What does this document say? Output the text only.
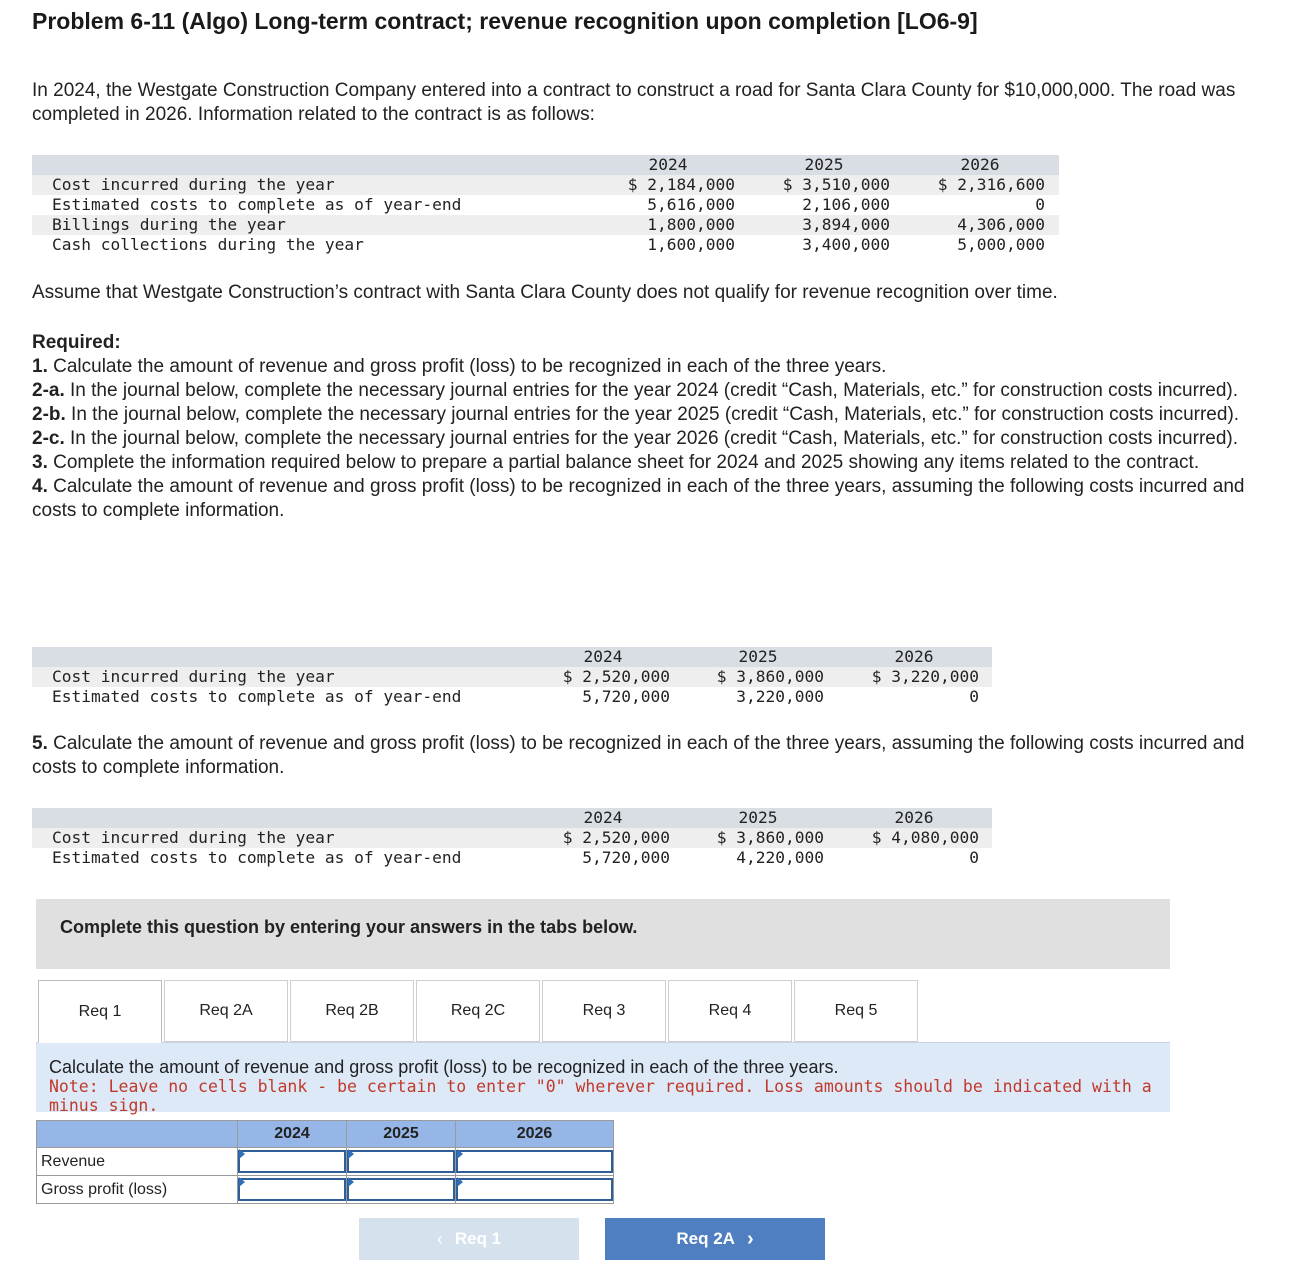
Problem 6-11 (Algo) Long-term contract; revenue recognition upon completion [LO6-9]
In 2024, the Westgate Construction Company entered into a contract to construct a road for Santa Clara County for $10,000,000. The road was completed in 2026. Information related to the contract is as follows:
2024	2025	2026
Cost incurred during the year	$ 2,184,000	$ 3,510,000	$ 2,316,600
Estimated costs to complete as of year-end	5,616,000	2,106,000	0
Billings during the year	1,800,000	3,894,000	4,306,000
Cash collections during the year	1,600,000	3,400,000	5,000,000
Assume that Westgate Construction’s contract with Santa Clara County does not qualify for revenue recognition over time.

Required:

1. Calculate the amount of revenue and gross profit (loss) to be recognized in each of the three years.

2-a. In the journal below, complete the necessary journal entries for the year 2024 (credit “Cash, Materials, etc.” for construction costs incurred).

2-b. In the journal below, complete the necessary journal entries for the year 2025 (credit “Cash, Materials, etc.” for construction costs incurred).

2-c. In the journal below, complete the necessary journal entries for the year 2026 (credit “Cash, Materials, etc.” for construction costs incurred).

3. Complete the information required below to prepare a partial balance sheet for 2024 and 2025 showing any items related to the contract.

4. Calculate the amount of revenue and gross profit (loss) to be recognized in each of the three years, assuming the following costs incurred and costs to complete information.

2024	2025	2026
Cost incurred during the year	$ 2,520,000	$ 3,860,000	$ 3,220,000
Estimated costs to complete as of year-end	5,720,000	3,220,000	0

5. Calculate the amount of revenue and gross profit (loss) to be recognized in each of the three years, assuming the following costs incurred and costs to complete information.

2024	2025	2026
Cost incurred during the year	$ 2,520,000	$ 3,860,000	$ 4,080,000
Estimated costs to complete as of year-end	5,720,000	4,220,000	0
Complete this question by entering your answers in the tabs below.
Req 1	Req 2A	Req 2B	Req 2C	Req 3	Req 4	Req 5
Calculate the amount of revenue and gross profit (loss) to be recognized in each of the three years.
Note: Leave no cells blank - be certain to enter "0" wherever required. Loss amounts should be indicated with a minus sign.
	2024	2025	2026
Revenue	

Gross profit (loss)	

‹ Req 1	Req 2A ›
